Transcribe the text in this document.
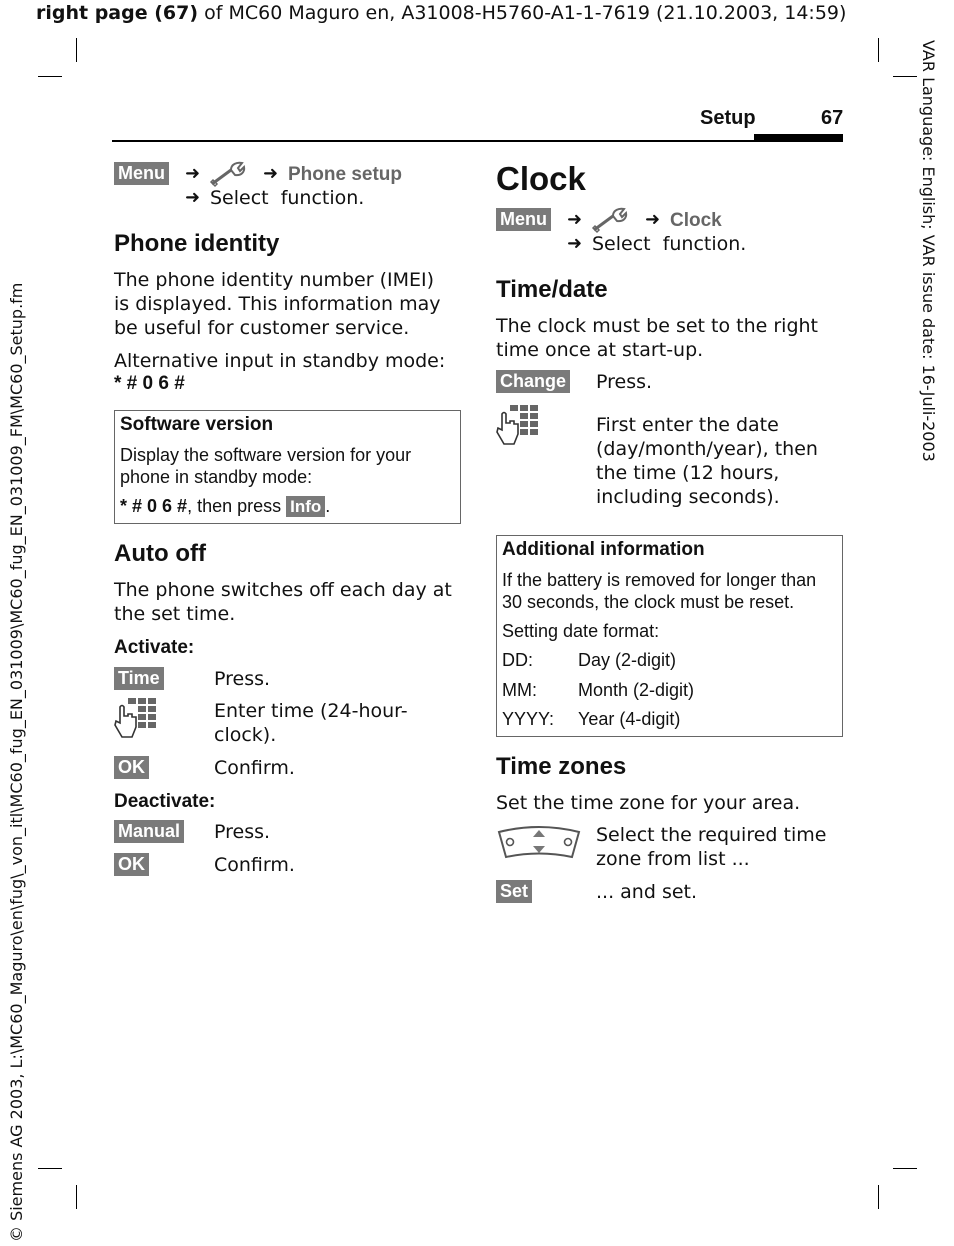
right page (67) of MC60 Maguro en, A31008-H5760-A1-1-7619 (21.10.2003, 14:59)
VAR Language: English; VAR issue date: 16-Juli-2003
© Siemens AG 2003, L:\MC60_Maguro\en\fug\_von_itl\MC60_fug_EN_031009\MC60_fug_EN_031009_FM\MC60_Setup.fm
Setup	67
Menu ➜	➜ Phone setup
➜ Select  function.
Phone identity
The phone identity number (IMEI) is displayed. This information may be useful for customer service.
Alternative input in standby mode:
* # 0 6 #
Software version
Display the software version for your phone in standby mode:
* # 0 6 #, then press Info .
Auto off
The phone switches off each day at the set time.
Activate:
Time	Press.
Enter time (24-hour-clock).
OK	Confirm.
Deactivate:
Manual Press.
OK	Confirm.
Clock
Menu ➜	➜ Clock
➜ Select  function.
Time/date
The clock must be set to the right time once at start-up.
Change Press.
First enter the date (day/month/year), then the time (12 hours, including seconds).
Additional information
If the battery is removed for longer than 30 seconds, the clock must be reset.
Setting date format:
DD:	Day (2-digit)
MM: Month (2-digit)
YYYY: Year (4-digit)
Time zones
Set the time zone for your area.
Select the required time zone from list ...
Set	... and set.
